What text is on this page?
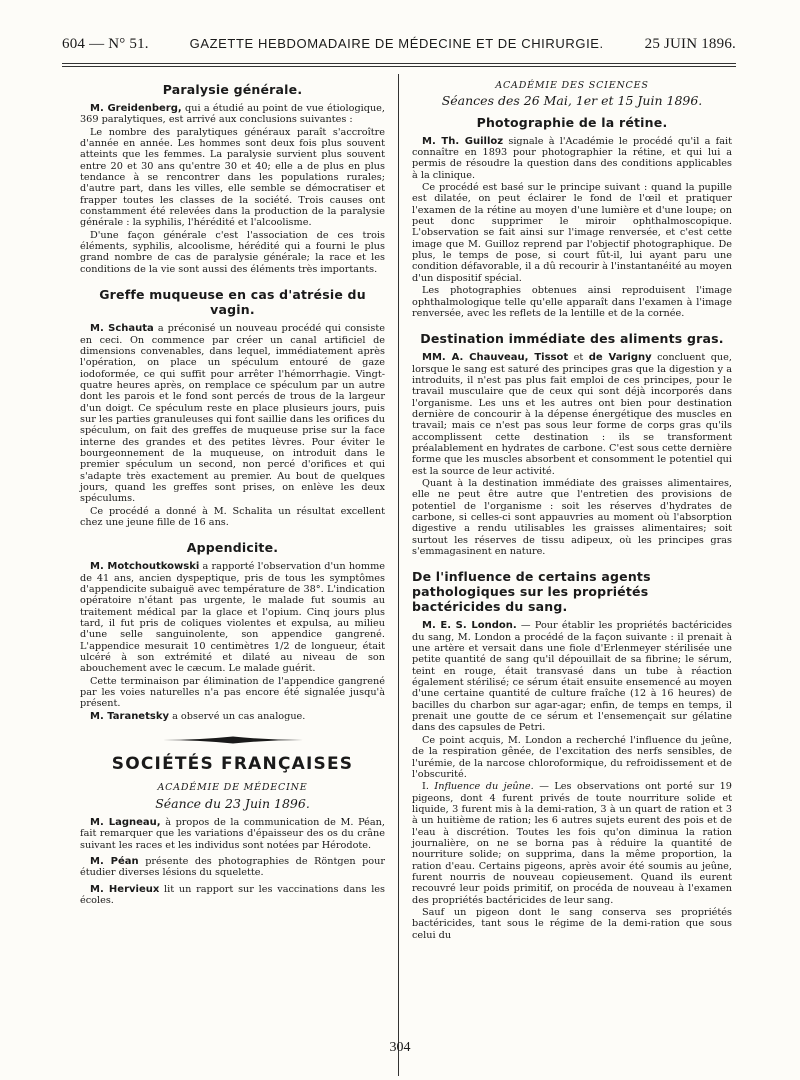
604 — N° 51.	GAZETTE HEBDOMADAIRE DE MÉDECINE ET DE CHIRURGIE.	25 JUIN 1896.
Paralysie générale.

M. Greidenberg, qui a étudié au point de vue étiologique, 369 paralytiques, est arrivé aux conclusions suivantes :

Le nombre des paralytiques généraux paraît s'accroître d'année en année. Les hommes sont deux fois plus souvent atteints que les femmes. La paralysie survient plus souvent entre 20 et 30 ans qu'entre 30 et 40; elle a de plus en plus tendance à se rencontrer dans les populations rurales; d'autre part, dans les villes, elle semble se démocratiser et frapper toutes les classes de la société. Trois causes ont constamment été relevées dans la production de la paralysie générale : la syphilis, l'hérédité et l'alcoolisme.

D'une façon générale c'est l'association de ces trois éléments, syphilis, alcoolisme, hérédité qui a fourni le plus grand nombre de cas de paralysie générale; la race et les conditions de la vie sont aussi des éléments très importants.

Greffe muqueuse en cas d'atrésie du vagin.

M. Schauta a préconisé un nouveau procédé qui consiste en ceci. On commence par créer un canal artificiel de dimensions convenables, dans lequel, immédiatement après l'opération, on place un spéculum entouré de gaze iodoformée, ce qui suffit pour arrêter l'hémorrhagie. Vingt-quatre heures après, on remplace ce spéculum par un autre dont les parois et le fond sont percés de trous de la largeur d'un doigt. Ce spéculum reste en place plusieurs jours, puis sur les parties granuleuses qui font saillie dans les orifices du spéculum, on fait des greffes de muqueuse prise sur la face interne des grandes et des petites lèvres. Pour éviter le bourgeonnement de la muqueuse, on introduit dans le premier spéculum un second, non percé d'orifices et qui s'adapte très exactement au premier. Au bout de quelques jours, quand les greffes sont prises, on enlève les deux spéculums.

Ce procédé a donné à M. Schalita un résultat excellent chez une jeune fille de 16 ans.

Appendicite.

M. Motchoutkowski a rapporté l'observation d'un homme de 41 ans, ancien dyspeptique, pris de tous les symptômes d'appendicite subaiguë avec température de 38°. L'indication opératoire n'étant pas urgente, le malade fut soumis au traitement médical par la glace et l'opium. Cinq jours plus tard, il fut pris de coliques violentes et expulsa, au milieu d'une selle sanguinolente, son appendice gangrené. L'appendice mesurait 10 centimètres 1/2 de longueur, était ulcéré à son extrémité et dilaté au niveau de son abouchement avec le cæcum. Le malade guérit.

Cette terminaison par élimination de l'appendice gangrené par les voies naturelles n'a pas encore été signalée jusqu'à présent.

M. Taranetsky a observé un cas analogue.

SOCIÉTÉS FRANÇAISES
ACADÉMIE DE MÉDECINE
Séance du 23 Juin 1896.

M. Lagneau, à propos de la communication de M. Péan, fait remarquer que les variations d'épaisseur des os du crâne suivant les races et les individus sont notées par Hérodote.

M. Péan présente des photographies de Röntgen pour étudier diverses lésions du squelette.

M. Hervieux lit un rapport sur les vaccinations dans les écoles.

ACADÉMIE DES SCIENCES
Séances des 26 Mai, 1er et 15 Juin 1896.
Photographie de la rétine.

M. Th. Guilloz signale à l'Académie le procédé qu'il a fait connaître en 1893 pour photographier la rétine, et qui lui a permis de résoudre la question dans des conditions applicables à la clinique.

Ce procédé est basé sur le principe suivant : quand la pupille est dilatée, on peut éclairer le fond de l'œil et pratiquer l'examen de la rétine au moyen d'une lumière et d'une loupe; on peut donc supprimer le miroir ophthalmoscopique. L'observation se fait ainsi sur l'image renversée, et c'est cette image que M. Guilloz reprend par l'objectif photographique. De plus, le temps de pose, si court fût-il, lui ayant paru une condition défavorable, il a dû recourir à l'instantanéité au moyen d'un dispositif spécial.

Les photographies obtenues ainsi reproduisent l'image ophthalmologique telle qu'elle apparaît dans l'examen à l'image renversée, avec les reflets de la lentille et de la cornée.

Destination immédiate des aliments gras.

MM. A. Chauveau, Tissot et de Varigny concluent que, lorsque le sang est saturé des principes gras que la digestion y a introduits, il n'est pas plus fait emploi de ces principes, pour le travail musculaire que de ceux qui sont déjà incorporés dans l'organisme. Les uns et les autres ont bien pour destination dernière de concourir à la dépense énergétique des muscles en travail; mais ce n'est pas sous leur forme de corps gras qu'ils accomplissent cette destination : ils se transforment préalablement en hydrates de carbone. C'est sous cette dernière forme que les muscles absorbent et consomment le potentiel qui est la source de leur activité.

Quant à la destination immédiate des graisses alimentaires, elle ne peut être autre que l'entretien des provisions de potentiel de l'organisme : soit les réserves d'hydrates de carbone, si celles-ci sont appauvries au moment où l'absorption digestive a rendu utilisables les graisses alimentaires; soit surtout les réserves de tissu adipeux, où les principes gras s'emmagasinent en nature.

De l'influence de certains agents pathologiques sur les propriétés bactéricides du sang.

M. E. S. London. — Pour établir les propriétés bactéricides du sang, M. London a procédé de la façon suivante : il prenait à une artère et versait dans une fiole d'Erlenmeyer stérilisée une petite quantité de sang qu'il dépouillait de sa fibrine; le sérum, teint en rouge, était transvasé dans un tube à réaction également stérilisé; ce sérum était ensuite ensemencé au moyen d'une certaine quantité de culture fraîche (12 à 16 heures) de bacilles du charbon sur agar-agar; enfin, de temps en temps, il prenait une goutte de ce sérum et l'ensemençait sur gélatine dans des capsules de Petri.

Ce point acquis, M. London a recherché l'influence du jeûne, de la respiration gênée, de l'excitation des nerfs sensibles, de l'urémie, de la narcose chloroformique, du refroidissement et de l'obscurité.

I. Influence du jeûne. — Les observations ont porté sur 19 pigeons, dont 4 furent privés de toute nourriture solide et liquide, 3 furent mis à la demi-ration, 3 à un quart de ration et 3 à un huitième de ration; les 6 autres sujets eurent des pois et de l'eau à discrétion. Toutes les fois qu'on diminua la ration journalière, on ne se borna pas à réduire la quantité de nourriture solide; on supprima, dans la même proportion, la ration d'eau. Certains pigeons, après avoir été soumis au jeûne, furent nourris de nouveau copieusement. Quand ils eurent recouvré leur poids primitif, on procéda de nouveau à l'examen des propriétés bactéricides de leur sang.

Sauf un pigeon dont le sang conserva ses propriétés bactéricides, tant sous le régime de la demi-ration que sous celui du

304
